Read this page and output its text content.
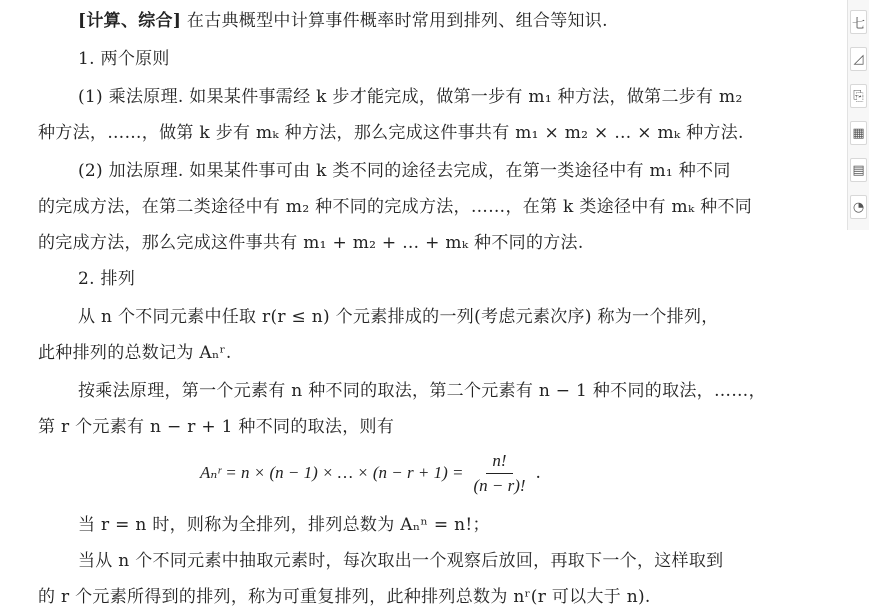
[计算、综合] 在古典概型中计算事件概率时常用到排列、组合等知识.
1. 两个原则
(1) 乘法原理. 如果某件事需经 k 步才能完成，做第一步有 m₁ 种方法，做第二步有 m₂
种方法，……，做第 k 步有 mₖ 种方法，那么完成这件事共有 m₁ × m₂ × … × mₖ 种方法.
(2) 加法原理. 如果某件事可由 k 类不同的途径去完成，在第一类途径中有 m₁ 种不同
的完成方法，在第二类途径中有 m₂ 种不同的完成方法，……，在第 k 类途径中有 mₖ 种不同
的完成方法，那么完成这件事共有 m₁ + m₂ + … + mₖ 种不同的方法.
2. 排列
从 n 个不同元素中任取 r(r ≤ n) 个元素排成的一列(考虑元素次序) 称为一个排列，
此种排列的总数记为 Aₙʳ.
按乘法原理，第一个元素有 n 种不同的取法，第二个元素有 n − 1 种不同的取法，……，
第 r 个元素有 n − r + 1 种不同的取法，则有
Aₙʳ = n × (n − 1) × … × $(n - r + 1) = \frac{n!}{(n - r)!}$ .
当 r = n 时，则称为全排列，排列总数为 Aₙⁿ = n!；
当从 n 个不同元素中抽取元素时，每次取出一个观察后放回，再取下一个，这样取到
的 r 个元素所得到的排列，称为可重复排列，此种排列总数为 nʳ(r 可以大于 n).
七
◿
⎘
▦
▤
◔
